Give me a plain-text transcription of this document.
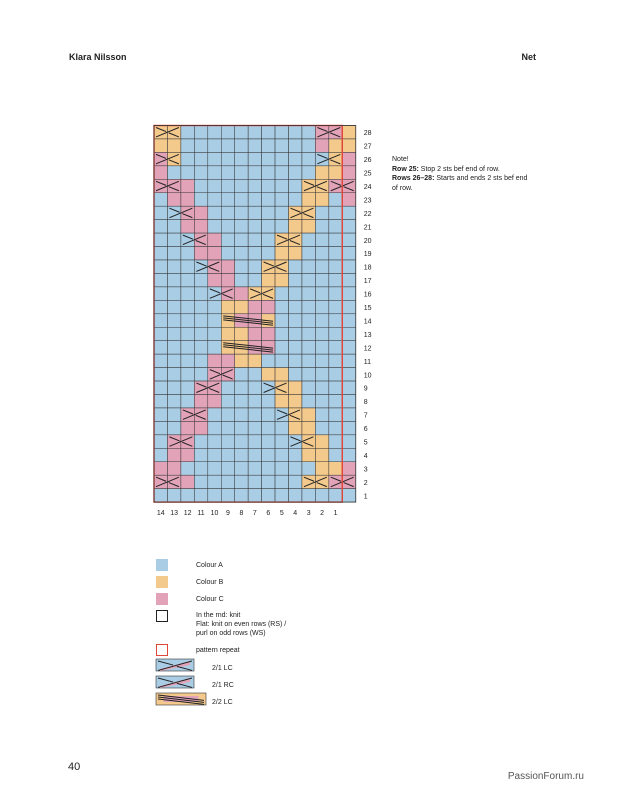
Klara Nilsson	Net
28
27
26
25
24
23
22
21
20
19
18
17
16
15
14
13
12
11
10
9
8
7
6
5
4
3
2
1
14 13 12 11 10 9 8 7 6 5 4 3 2 1
Note!
Row 25: Stop 2 sts bef end of row.
Rows 26–28: Starts and ends 2 sts bef end of row.
Colour A
Colour B
Colour C
In the rnd: knit
Flat: knit on even rows (RS) /
purl on odd rows (WS)
pattern repeat
2/1 LC
2/1 RC
2/2 LC
40
PassionForum.ru
